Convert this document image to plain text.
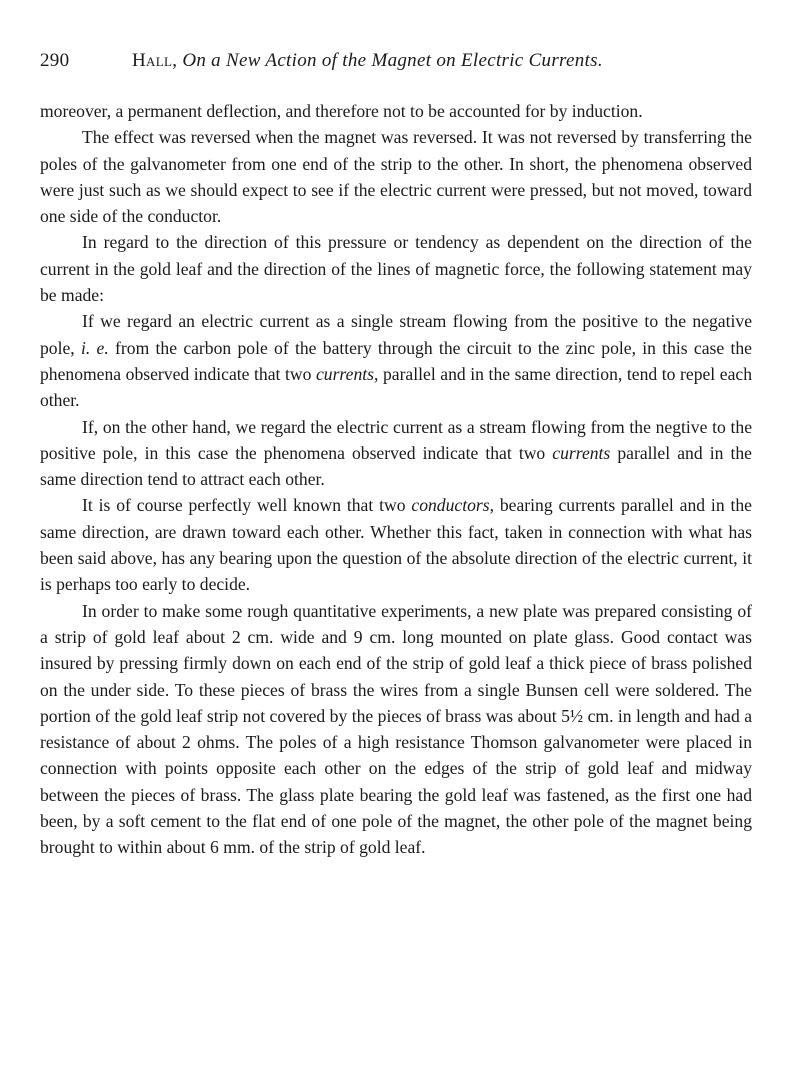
290	Hall, On a New Action of the Magnet on Electric Currents.

moreover, a permanent deflection, and therefore not to be accounted for by induction.

The effect was reversed when the magnet was reversed. It was not reversed by transferring the poles of the galvanometer from one end of the strip to the other. In short, the phenomena observed were just such as we should expect to see if the electric current were pressed, but not moved, toward one side of the conductor.

In regard to the direction of this pressure or tendency as dependent on the direction of the current in the gold leaf and the direction of the lines of magnetic force, the following statement may be made:

If we regard an electric current as a single stream flowing from the positive to the negative pole, i. e. from the carbon pole of the battery through the circuit to the zinc pole, in this case the phenomena observed indicate that two currents, parallel and in the same direction, tend to repel each other.

If, on the other hand, we regard the electric current as a stream flowing from the negtive to the positive pole, in this case the phenomena observed indicate that two currents parallel and in the same direction tend to attract each other.

It is of course perfectly well known that two conductors, bearing currents parallel and in the same direction, are drawn toward each other. Whether this fact, taken in connection with what has been said above, has any bearing upon the question of the absolute direction of the electric current, it is perhaps too early to decide.

In order to make some rough quantitative experiments, a new plate was prepared consisting of a strip of gold leaf about 2 cm. wide and 9 cm. long mounted on plate glass. Good contact was insured by pressing firmly down on each end of the strip of gold leaf a thick piece of brass polished on the under side. To these pieces of brass the wires from a single Bunsen cell were soldered. The portion of the gold leaf strip not covered by the pieces of brass was about 5½ cm. in length and had a resistance of about 2 ohms. The poles of a high resistance Thomson galvanometer were placed in connection with points opposite each other on the edges of the strip of gold leaf and midway between the pieces of brass. The glass plate bearing the gold leaf was fastened, as the first one had been, by a soft cement to the flat end of one pole of the magnet, the other pole of the magnet being brought to within about 6 mm. of the strip of gold leaf.
